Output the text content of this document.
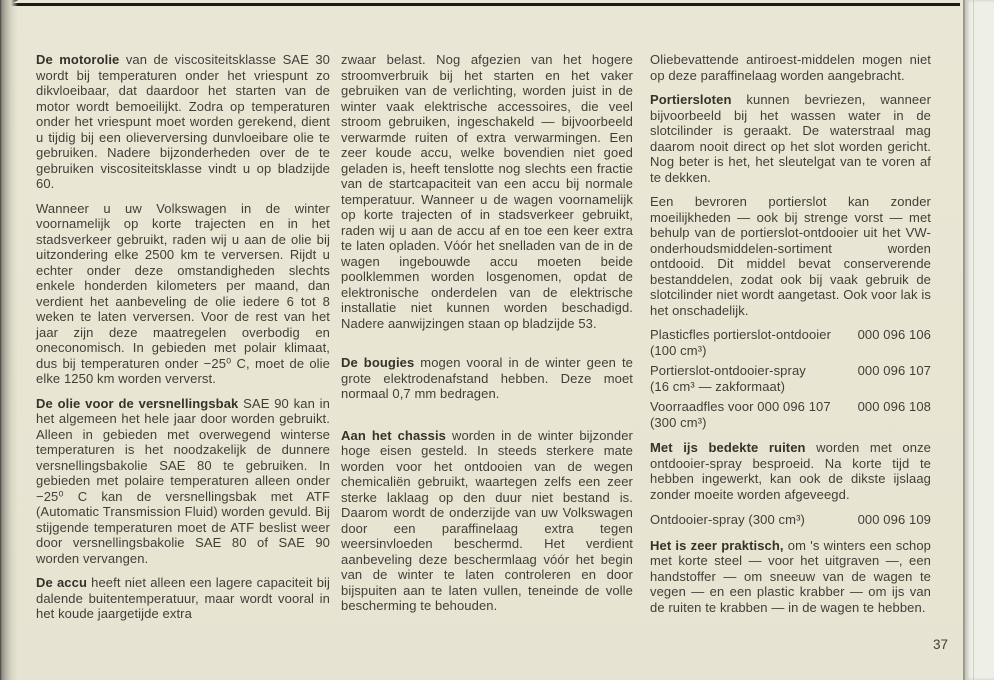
De motorolie van de viscositeitsklasse SAE 30 wordt bij temperaturen onder het vriespunt zo dikvloeibaar, dat daardoor het starten van de motor wordt bemoeilijkt. Zodra op temperaturen onder het vriespunt moet worden gerekend, dient u tijdig bij een olieverversing dunvloeibare olie te gebruiken. Nadere bijzonderheden over de te gebruiken viscositeitsklasse vindt u op bladzijde 60.

Wanneer u uw Volkswagen in de winter voornamelijk op korte trajecten en in het stadsverkeer gebruikt, raden wij u aan de olie bij uitzondering elke 2500 km te verversen. Rijdt u echter onder deze omstandigheden slechts enkele honderden kilometers per maand, dan verdient het aanbeveling de olie iedere 6 tot 8 weken te laten verversen. Voor de rest van het jaar zijn deze maatregelen overbodig en oneconomisch. In gebieden met polair klimaat, dus bij temperaturen onder −25⁰ C, moet de olie elke 1250 km worden ververst.

De olie voor de versnellingsbak SAE 90 kan in het algemeen het hele jaar door worden gebruikt. Alleen in gebieden met overwegend winterse temperaturen is het noodzakelijk de dunnere versnellingsbakolie SAE 80 te gebruiken. In gebieden met polaire temperaturen alleen onder −25⁰ C kan de versnellingsbak met ATF (Automatic Transmission Fluid) worden gevuld. Bij stijgende temperaturen moet de ATF beslist weer door versnellingsbakolie SAE 80 of SAE 90 worden vervangen.

De accu heeft niet alleen een lagere capaciteit bij dalende buitentemperatuur, maar wordt vooral in het koude jaargetijde extra

zwaar belast. Nog afgezien van het hogere stroomverbruik bij het starten en het vaker gebruiken van de verlichting, worden juist in de winter vaak elektrische accessoires, die veel stroom gebruiken, ingeschakeld — bijvoorbeeld verwarmde ruiten of extra verwarmingen. Een zeer koude accu, welke bovendien niet goed geladen is, heeft tenslotte nog slechts een fractie van de startcapaciteit van een accu bij normale temperatuur. Wanneer u de wagen voornamelijk op korte trajecten of in stadsverkeer gebruikt, raden wij u aan de accu af en toe een keer extra te laten opladen. Vóór het snelladen van de in de wagen ingebouwde accu moeten beide poolklemmen worden losgenomen, opdat de elektronische onderdelen van de elektrische installatie niet kunnen worden beschadigd. Nadere aanwijzingen staan op bladzijde 53.

De bougies mogen vooral in de winter geen te grote elektrodenafstand hebben. Deze moet normaal 0,7 mm bedragen.

Aan het chassis worden in de winter bijzonder hoge eisen gesteld. In steeds sterkere mate worden voor het ontdooien van de wegen chemicaliën gebruikt, waartegen zelfs een zeer sterke laklaag op den duur niet bestand is. Daarom wordt de onderzijde van uw Volkswagen door een paraffinelaag extra tegen weersinvloeden beschermd. Het verdient aanbeveling deze beschermlaag vóór het begin van de winter te laten controleren en door bijspuiten aan te laten vullen, teneinde de volle bescherming te behouden.

Oliebevattende antiroest-middelen mogen niet op deze paraffinelaag worden aangebracht.

Portiersloten kunnen bevriezen, wanneer bijvoorbeeld bij het wassen water in de slotcilinder is geraakt. De waterstraal mag daarom nooit direct op het slot worden gericht. Nog beter is het, het sleutelgat van te voren af te dekken.

Een bevroren portierslot kan zonder moeilijkheden — ook bij strenge vorst — met behulp van de portierslot-ontdooier uit het VW-onderhoudsmiddelen-sortiment worden ontdooid. Dit middel bevat conserverende bestanddelen, zodat ook bij vaak gebruik de slotcilinder niet wordt aangetast. Ook voor lak is het onschadelijk.

Plasticfles portierslot-ontdooier	000 096 106
(100 cm³)
Portierslot-ontdooier-spray	000 096 107
(16 cm³ — zakformaat)
Voorraadfles voor 000 096 107	000 096 108
(300 cm³)

Met ijs bedekte ruiten worden met onze ontdooier-spray besproeid. Na korte tijd te hebben ingewerkt, kan ook de dikste ijslaag zonder moeite worden afgeveegd.

Ontdooier-spray (300 cm³)	000 096 109

Het is zeer praktisch, om 's winters een schop met korte steel — voor het uitgraven —, een handstoffer — om sneeuw van de wagen te vegen — en een plastic krabber — om ijs van de ruiten te krabben — in de wagen te hebben.

37
